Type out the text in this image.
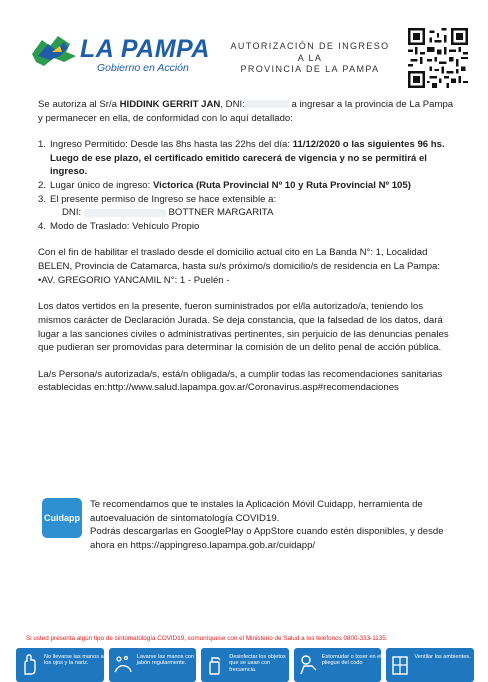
LA PAMPA
Gobierno en Acción
AUTORIZACIÓN DE INGRESO A LA
PROVINCIA DE LA PAMPA

Se autoriza al Sr/a HIDDINK GERRIT JAN, DNI:	a ingresar a la provincia de La Pampa y permanecer en ella, de conformidad con lo aquí detallado:

1. Ingreso Permitido: Desde las 8hs hasta las 22hs del día: 11/12/2020 o las siguientes 96 hs. Luego de ese plazo, el certificado emitido carecerá de vigencia y no se permitirá el ingreso.
2. Lugar único de ingreso: Victorica (Ruta Provincial Nº 10 y Ruta Provincial Nº 105)
3. El presente permiso de Ingreso se hace extensible a:
DNI:	BOTTNER MARGARITA
4. Modo de Traslado: Vehículo Propio

Con el fin de habilitar el traslado desde el domicilio actual cito en La Banda N°: 1, Localidad BELEN, Provincia de Catamarca, hasta su/s próximo/s domicilio/s de residencia en La Pampa:
•AV. GREGORIO YANCAMIL N°: 1 - Puelén -

Los datos vertidos en la presente, fueron suministrados por el/la autorizado/a, teniendo los mismos carácter de Declaración Jurada. Se deja constancia, que la falsedad de los datos, dará lugar a las sanciones civiles o administrativas pertinentes, sin perjuicio de las denuncias penales que pudieran ser promovidas para determinar la comisión de un delito penal de acción pública.

La/s Persona/s autorizada/s, está/n obligada/s, a cumplir todas las recomendaciones sanitarias establecidas en:http://www.salud.lapampa.gov.ar/Coronavirus.asp#recomendaciones

Cuidapp
Te recomendamos que te instales la Aplicación Móvil Cuidapp, herramienta de autoevaluación de sintomatología COVID19.
Podrás descargarlas en GooglePlay o AppStore cuando estén disponibles, y desde ahora en https://appingreso.lapampa.gob.ar/cuidapp/
Si usted presenta algún tipo de sintomatología COVID19, comuníquese con el Ministerio de Salud a los teléfonos 0800-333-1135.
No llevarse las manos a los ojos y la nariz.
Lavarse las manos con jabón regularmente.
Desinfectar los objetos que se usan con frecuencia.
Estornudar o toser en el pliegue del codo
Ventilar los ambientes.
